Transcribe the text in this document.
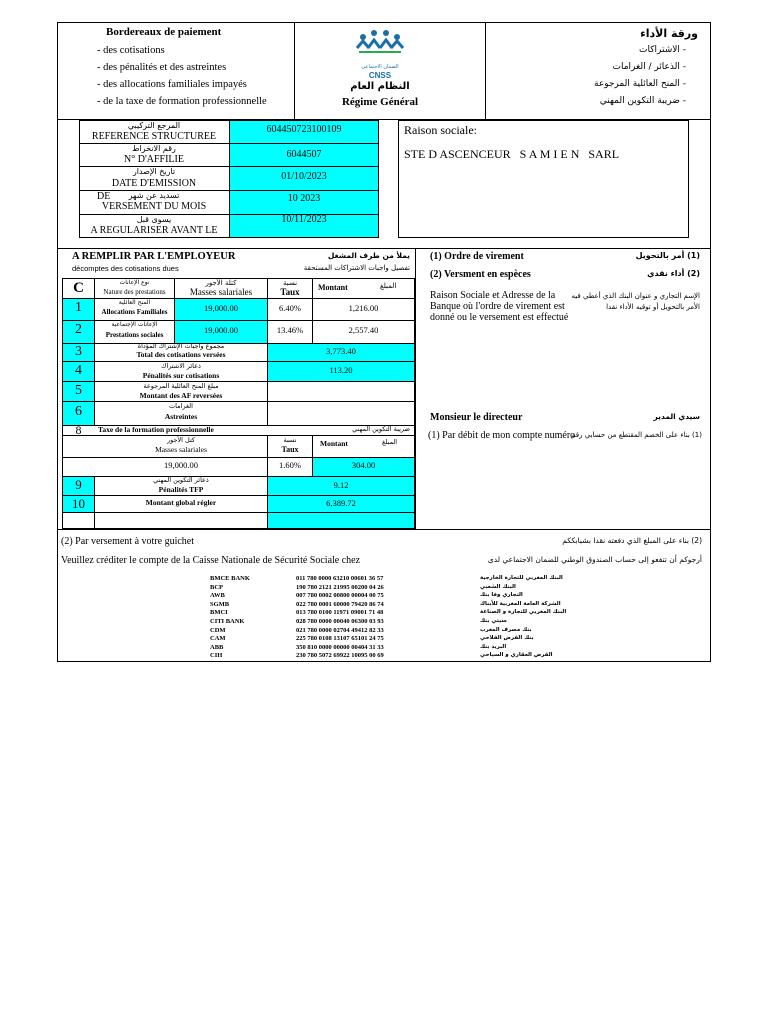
Bordereaux de paiement
- des cotisations
- des pénalités et des astreintes
- des allocations familiales impayés
- de la taxe de formation professionnelle
الضمان الاجتماعي
CNSS
النظام العام
Régime Général
ورقة الأداء
- الاشتراكات
- الذعائر / الغرامات
- المنح العائلية المرجوعة
- ضريبة التكوين المهني
المرجع التركيبي
REFERENCE STRUCTUREE
604450723100109
رقم الانخراط
N° D'AFFILIE	6044507
تاريخ الإصدار
DATE D'EMISSION
01/10/2023
تسديد عن شهر
DE
VERSEMENT DU MOIS
10 2023
يسوى قبل
A REGULARISER AVANT LE
10/11/2023
Raison sociale:
STE D ASCENCEUR   S A M I E N   SARL
A REMPLIR PAR L'EMPLOYEUR	يملأ من طرف المشغل
décomptes des cotisations dues	تفصيل واجبات الاشتراكات المستحقة
C	نوع الإعانات
Nature des prestations
كتلة الأجور
Masses salariales
نسبة
Taux	Montant	المبلغ
1	المنح العائلية
Allocations Familiales	19,000.00	6.40%	1,216.00
2	الإعانات الإجتماعية
Prestations sociales	19,000.00	13.46%	2,557.40
3	مجموع واجبات الإشتراك المؤداة
Total des cotisations versées	3,773.40
4	ذعائر الاشتراك
Pénalités sur cotisations
113.20
5	مبلغ المنح العائلية المرجوعة
Montant des AF reversées
6	الغرامات
Astreintes
8	Taxe de la formation professionnelle	ضريبة التكوين المهني
كتل الأجور
Masses salariales
نسبة
Taux
Montant	المبلغ
19,000.00	1.60%	304.00
9	ذعائر التكوين المهني
Pénalités TFP	9.12
10	Montant global régler	6,389.72
(1) Ordre de virement	(1) أمر بالتحويل
(2) Versment en espèces	(2) أداء نقدي
Raison Sociale et Adresse de la
Banque où l'ordre de virement est
donné ou le versement est effectué
الإسم التجاري و عنوان البنك الذي أعطي فيه
الأمر بالتحويل أو توقيه الأداء نقدا
Monsieur le directeur	سيدي المدير
(1) Par débit de mon compte numéro
(1) بناء على الخصم المقتطع من حسابي رقم
(2) Par versement à votre guichet	(2) بناء على المبلغ الذي دفعته نقدا بشبابككم
Veuillez créditer le compte de la Caisse Nationale de Sécurité Sociale chez	أرجوكم أن تتفعو إلى حساب الصندوق الوطني للضمان الاجتماعي لدى
BMCE BANK	011 780 0000 63210 00601 36 57	البنك المغربي للتجارة الخارجية
BCP	190 780 2121 21995 00200 04 26	البنك الشعبي
AWB	007 780 0002 00800 00004 00 75	التجاري وفا بنك
SGMB	022 780 0001 60000 79420 86 74	الشركة العامة المغربية للأبناك
BMCI	013 780 0100 11971 09001 71 48	البنك المغربي للتجارة و الصناعة
CITI BANK	028 780 0000 00040 06300 03 93	سيتي بنك
CDM	021 780 0000 02704 49412 82 33	بنك مصرف المغرب
CAM	225 780 0108 13107 65101 24 75	بنك القرض الفلاحي
ABB	350 810 0000 00000 00404 31 33	البريد بنك
CIH	230 780 5072 69922 10095 00 69	القرض العقاري و السياحي
